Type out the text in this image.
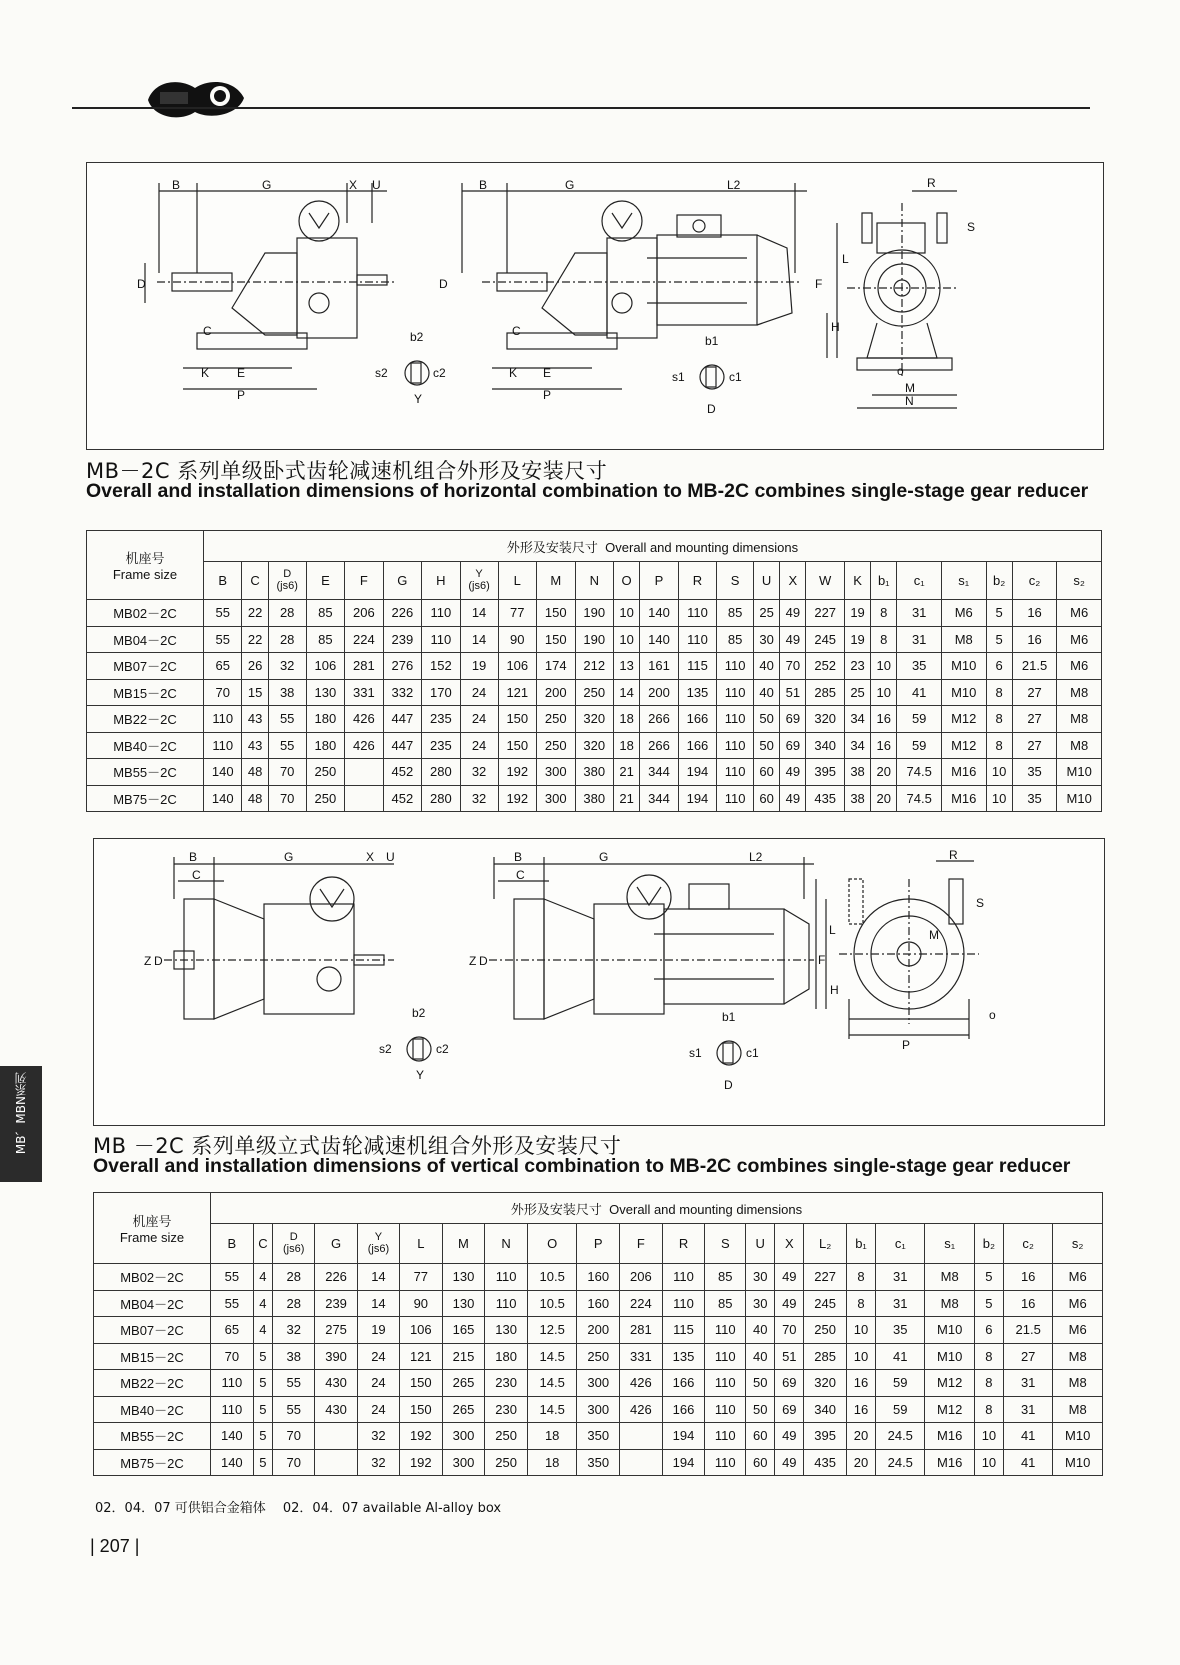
MB、MBN系列
B	G	X U
D
C
K E
P
b2
s2	c2
Y
B	G	L2
D
C
K E
P
b1
s1	c1
D
R
S
F
L
H
o
M
N
MB－2C 系列单级卧式齿轮减速机组合外形及安装尺寸
Overall and installation dimensions of horizontal combination to MB-2C combines single-stage gear reducer
机座号
Frame size	外形及安装尺寸 Overall and mounting dimensions																								
	B	C	D
(js6)	E	F	G	H	Y
(js6)	L	M	N	O	P	R	S	U	X	W	K	b₁	c₁	s₁	b₂	c₂	s₂
MB02－2C	55	22	28	85	206	226	110	14	77	150	190	10	140	110	85	25	49	227	19	8	31	M6	5	16	M6
MB04－2C	55	22	28	85	224	239	110	14	90	150	190	10	140	110	85	30	49	245	19	8	31	M8	5	16	M6
MB07－2C	65	26	32	106	281	276	152	19	106	174	212	13	161	115	110	40	70	252	23	10	35	M10	6	21.5	M6
MB15－2C	70	15	38	130	331	332	170	24	121	200	250	14	200	135	110	40	51	285	25	10	41	M10	8	27	M8
MB22－2C	110	43	55	180	426	447	235	24	150	250	320	18	266	166	110	50	69	320	34	16	59	M12	8	27	M8
MB40－2C	110	43	55	180	426	447	235	24	150	250	320	18	266	166	110	50	69	340	34	16	59	M12	8	27	M8
MB55－2C	140	48	70	250		452	280	32	192	300	380	21	344	194	110	60	49	395	38	20	74.5	M16	10	35	M10
MB75－2C	140	48	70	250		452	280	32	192	300	380	21	344	194	110	60	49	435	38	20	74.5	M16	10	35	M10
B	G	X U
C
Z D
b2
s2	c2
Y
B	G	L2
C
Z D
b1
s1	c1
D
R
S
L
F
H
M
o
P
MB －2C 系列单级立式齿轮减速机组合外形及安装尺寸
Overall and installation dimensions of vertical combination to MB-2C combines single-stage gear reducer
机座号
Frame size	外形及安装尺寸 Overall and mounting dimensions																					
	B	C	D
(js6)	G	Y
(js6)	L	M	N	O	P	F	R	S	U	X	L₂	b₁	c₁	s₁	b₂	c₂	s₂
MB02－2C	55	4	28	226	14	77	130	110	10.5	160	206	110	85	30	49	227	8	31	M8	5	16	M6
MB04－2C	55	4	28	239	14	90	130	110	10.5	160	224	110	85	30	49	245	8	31	M8	5	16	M6
MB07－2C	65	4	32	275	19	106	165	130	12.5	200	281	115	110	40	70	250	10	35	M10	6	21.5	M6
MB15－2C	70	5	38	390	24	121	215	180	14.5	250	331	135	110	40	51	285	10	41	M10	8	27	M8
MB22－2C	110	5	55	430	24	150	265	230	14.5	300	426	166	110	50	69	320	16	59	M12	8	31	M8
MB40－2C	110	5	55	430	24	150	265	230	14.5	300	426	166	110	50	69	340	16	59	M12	8	31	M8
MB55－2C	140	5	70		32	192	300	250	18	350		194	110	60	49	395	20	24.5	M16	10	41	M10
MB75－2C	140	5	70		32	192	300	250	18	350		194	110	60	49	435	20	24.5	M16	10	41	M10
02．04．07 可供铝合金箱体　 02．04．07 available Al-alloy box
| 207 |
